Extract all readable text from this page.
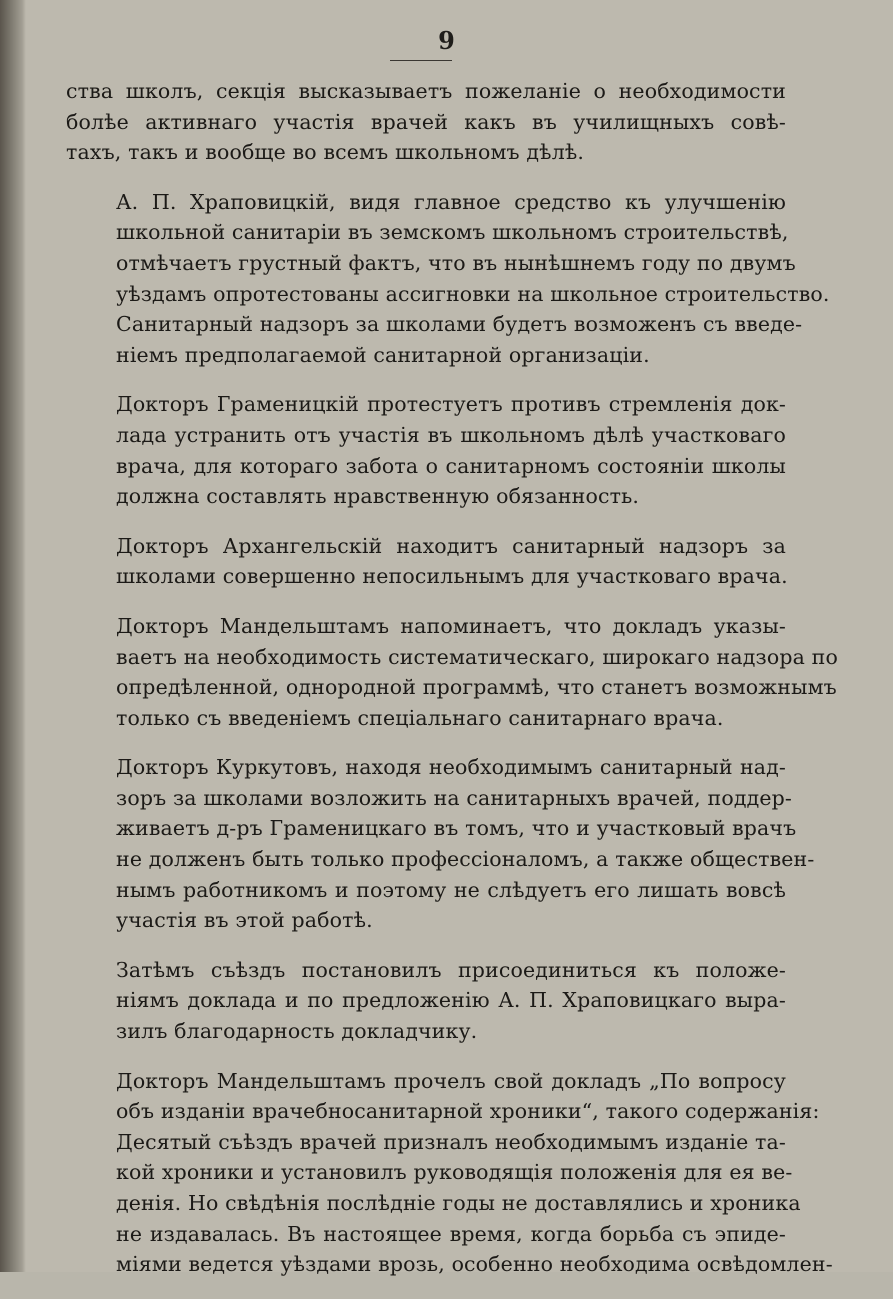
9
ства школъ, секція высказываетъ пожеланіе о необходимости
болѣе активнаго участія врачей какъ въ училищныхъ совѣ-
тахъ, такъ и вообще во всемъ школьномъ дѣлѣ.
А. П. Храповицкій, видя главное средство къ улучшенію
школьной санитаріи въ земскомъ школьномъ строительствѣ,
отмѣчаетъ грустный фактъ, что въ нынѣшнемъ году по двумъ
уѣздамъ опротестованы ассигновки на школьное строительство.
Санитарный надзоръ за школами будетъ возможенъ съ введе-
ніемъ предполагаемой санитарной организаціи.
Докторъ Граменицкій протестуетъ противъ стремленія док-
лада устранить отъ участія въ школьномъ дѣлѣ участковаго
врача, для котораго забота о санитарномъ состояніи школы
должна составлять нравственную обязанность.
Докторъ Архангельскій находитъ санитарный надзоръ за
школами совершенно непосильнымъ для участковаго врача.
Докторъ Мандельштамъ напоминаетъ, что докладъ указы-
ваетъ на необходимость систематическаго, широкаго надзора по
опредѣленной, однородной программѣ, что станетъ возможнымъ
только съ введеніемъ спеціальнаго санитарнаго врача.
Докторъ Куркутовъ, находя необходимымъ санитарный над-
зоръ за школами возложить на санитарныхъ врачей, поддер-
живаетъ д-ръ Граменицкаго въ томъ, что и участковый врачъ
не долженъ быть только профессіоналомъ, а также обществен-
нымъ работникомъ и поэтому не слѣдуетъ его лишать вовсѣ
участія въ этой работѣ.
Затѣмъ съѣздъ постановилъ присоединиться къ положе-
ніямъ доклада и по предложенію А. П. Храповицкаго выра-
зилъ благодарность докладчику.
Докторъ Мандельштамъ прочелъ свой докладъ „По вопросу
объ изданіи врачебносанитарной хроники“, такого содержанія:
Десятый съѣздъ врачей призналъ необходимымъ изданіе та-
кой хроники и установилъ руководящія положенія для ея ве-
денія. Но свѣдѣнія послѣдніе годы не доставлялись и хроника
не издавалась. Въ настоящее время, когда борьба съ эпиде-
міями ведется уѣздами врозь, особенно необходима освѣдомлен-
